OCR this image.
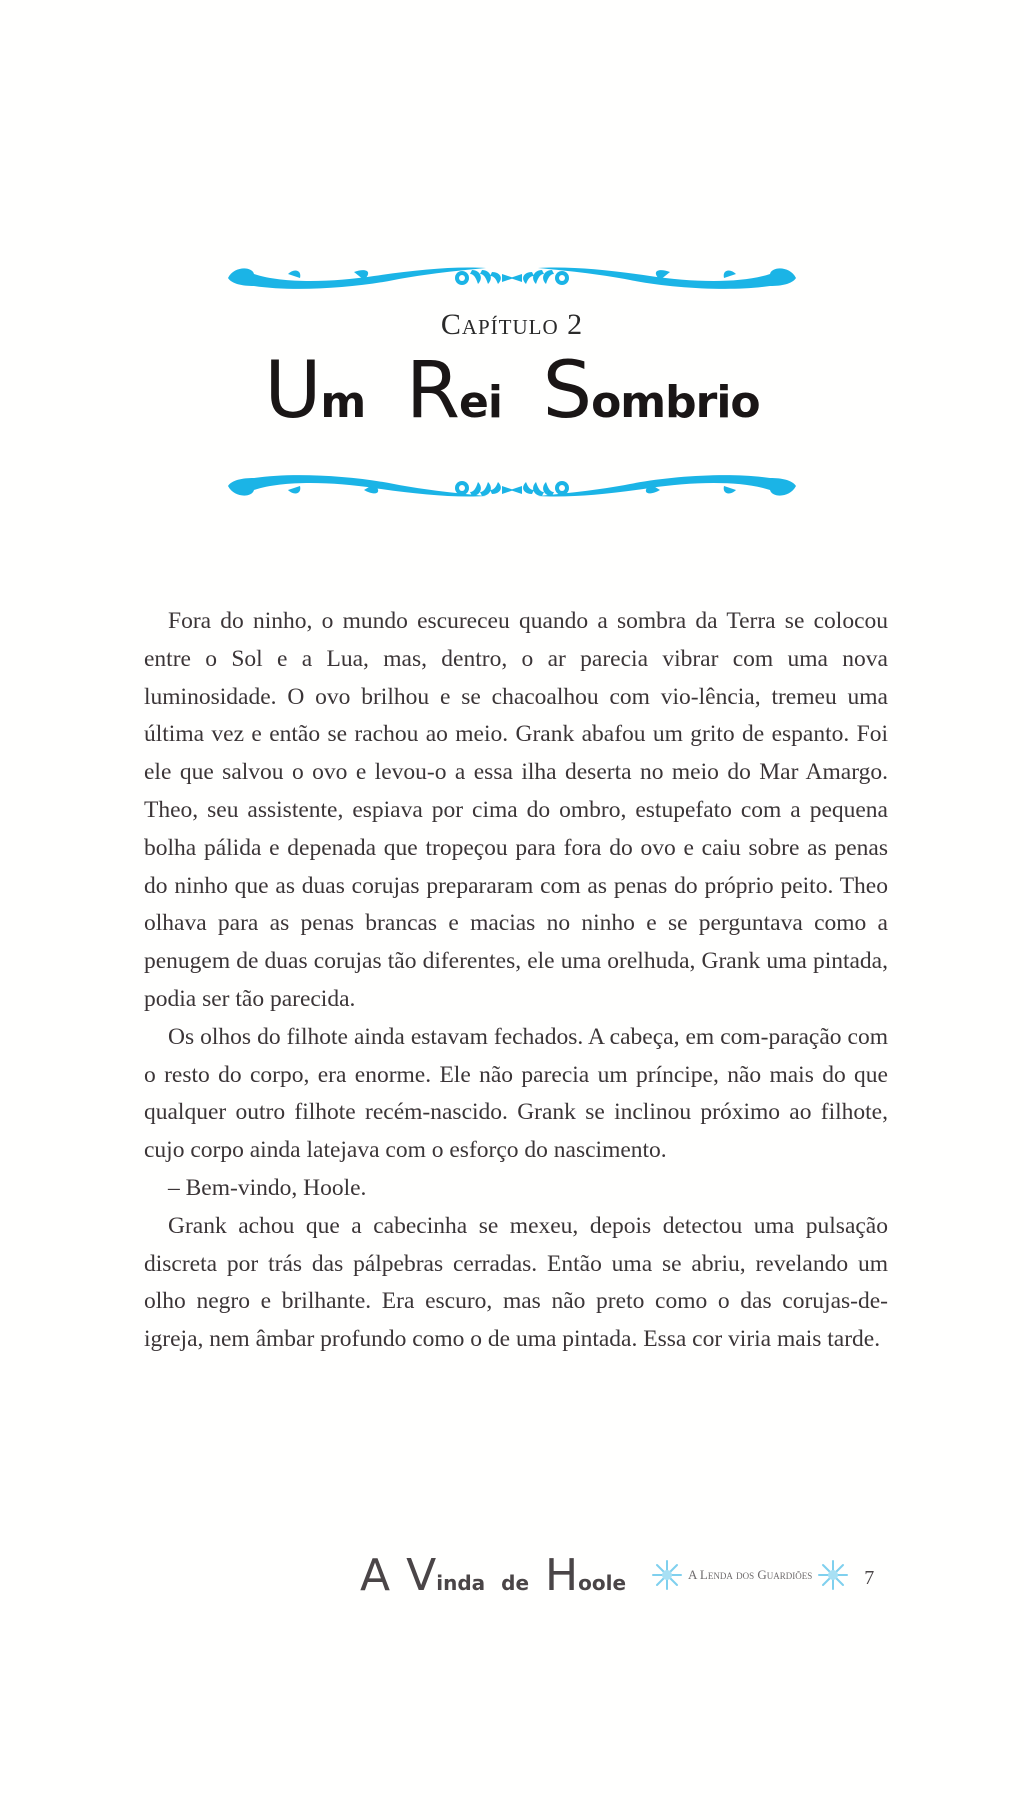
Capítulo 2
Um Rei Sombrio

Fora do ninho, o mundo escureceu quando a sombra da Terra se colocou entre o Sol e a Lua, mas, dentro, o ar parecia vibrar com uma nova luminosidade. O ovo brilhou e se chacoalhou com vio-lência, tremeu uma última vez e então se rachou ao meio. Grank abafou um grito de espanto. Foi ele que salvou o ovo e levou-o a essa ilha deserta no meio do Mar Amargo. Theo, seu assistente, espiava por cima do ombro, estupefato com a pequena bolha pálida e depenada que tropeçou para fora do ovo e caiu sobre as penas do ninho que as duas corujas prepararam com as penas do próprio peito. Theo olhava para as penas brancas e macias no ninho e se perguntava como a penugem de duas corujas tão diferentes, ele uma orelhuda, Grank uma pintada, podia ser tão parecida.

Os olhos do filhote ainda estavam fechados. A cabeça, em com-paração com o resto do corpo, era enorme. Ele não parecia um príncipe, não mais do que qualquer outro filhote recém-nascido. Grank se inclinou próximo ao filhote, cujo corpo ainda latejava com o esforço do nascimento.

– Bem-vindo, Hoole.

Grank achou que a cabecinha se mexeu, depois detectou uma pulsação discreta por trás das pálpebras cerradas. Então uma se abriu, revelando um olho negro e brilhante. Era escuro, mas não preto como o das corujas-de-igreja, nem âmbar profundo como o de uma pintada. Essa cor viria mais tarde.

A Vinda de Hoole	A Lenda dos Guardiões	7
